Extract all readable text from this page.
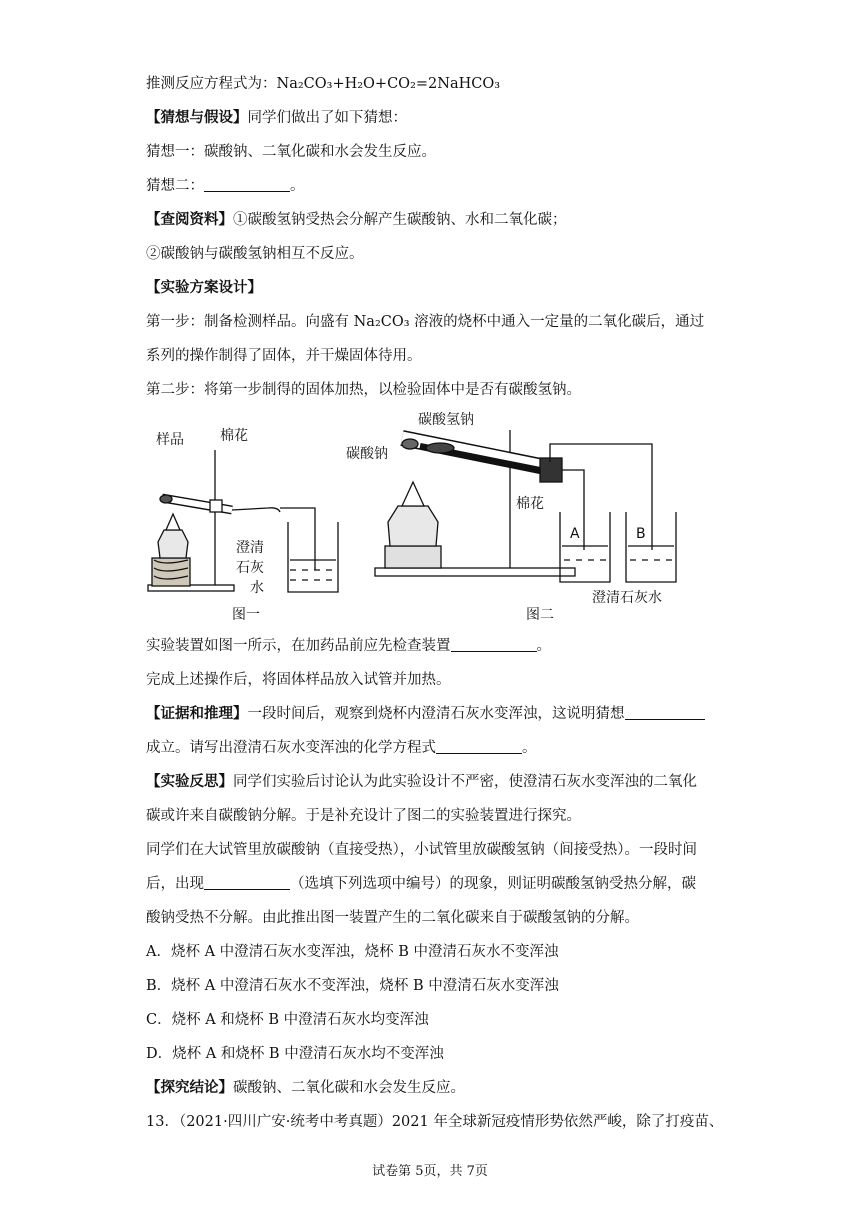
推测反应方程式为：Na₂CO₃+H₂O+CO₂=2NaHCO₃
【猜想与假设】同学们做出了如下猜想：
猜想一：碳酸钠、二氧化碳和水会发生反应。
猜想二：	。
【查阅资料】①碳酸氢钠受热会分解产生碳酸钠、水和二氧化碳；
②碳酸钠与碳酸氢钠相互不反应。
【实验方案设计】
第一步：制备检测样品。向盛有 Na₂CO₃ 溶液的烧杯中通入一定量的二氧化碳后，通过
系列的操作制得了固体，并干燥固体待用。
第二步：将第一步制得的固体加热，以检验固体中是否有碳酸氢钠。
样品	棉花
澄清
石灰
水
图一
碳酸氢钠
碳酸钠
棉花
A	B
澄清石灰水
图二
实验装置如图一所示，在加药品前应先检查装置	。
完成上述操作后，将固体样品放入试管并加热。
【证据和推理】一段时间后，观察到烧杯内澄清石灰水变浑浊，这说明猜想
成立。请写出澄清石灰水变浑浊的化学方程式	。
【实验反思】同学们实验后讨论认为此实验设计不严密，使澄清石灰水变浑浊的二氧化
碳或许来自碳酸钠分解。于是补充设计了图二的实验装置进行探究。
同学们在大试管里放碳酸钠（直接受热），小试管里放碳酸氢钠（间接受热）。一段时间
后，出现	（选填下列选项中编号）的现象，则证明碳酸氢钠受热分解，碳
酸钠受热不分解。由此推出图一装置产生的二氧化碳来自于碳酸氢钠的分解。
A．烧杯 A 中澄清石灰水变浑浊，烧杯 B 中澄清石灰水不变浑浊
B．烧杯 A 中澄清石灰水不变浑浊，烧杯 B 中澄清石灰水变浑浊
C．烧杯 A 和烧杯 B 中澄清石灰水均变浑浊
D．烧杯 A 和烧杯 B 中澄清石灰水均不变浑浊
【探究结论】碳酸钠、二氧化碳和水会发生反应。
13．（2021·四川广安·统考中考真题）2021 年全球新冠疫情形势依然严峻，除了打疫苗、
试卷第 5页，共 7页
